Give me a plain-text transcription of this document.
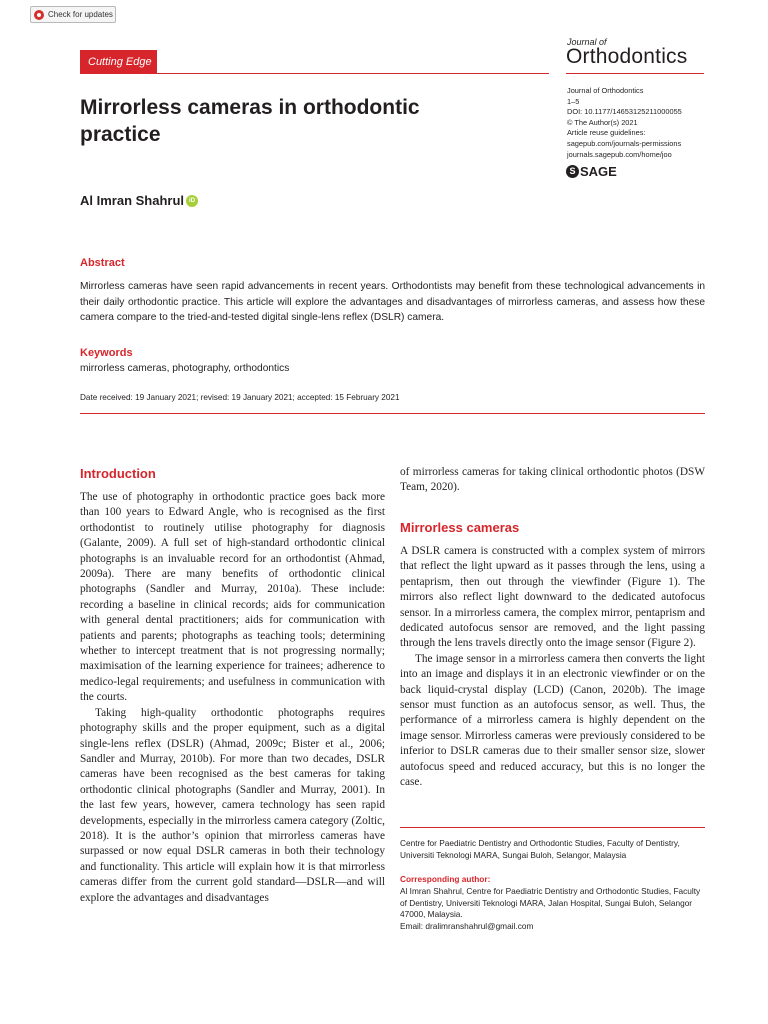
Check for updates
Cutting Edge
Journal of
Orthodontics
Journal of Orthodontics
1–5
DOI: 10.1177/14653125211000055
© The Author(s) 2021
Article reuse guidelines:
sagepub.com/journals-permissions
journals.sagepub.com/home/joo
S SAGE
Mirrorless cameras in orthodontic practice
Al Imran Shahrul iD
Abstract
Mirrorless cameras have seen rapid advancements in recent years. Orthodontists may benefit from these technological advancements in their daily orthodontic practice. This article will explore the advantages and disadvantages of mirrorless cameras, and assess how these camera compare to the tried-and-tested digital single-lens reflex (DSLR) camera.
Keywords
mirrorless cameras, photography, orthodontics
Date received: 19 January 2021; revised: 19 January 2021; accepted: 15 February 2021
Introduction

The use of photography in orthodontic practice goes back more than 100 years to Edward Angle, who is recognised as the first orthodontist to routinely utilise photography for diagnosis (Galante, 2009). A full set of high-standard orthodontic clinical photographs is an invaluable record for an orthodontist (Ahmad, 2009a). There are many benefits of orthodontic clinical photographs (Sandler and Murray, 2010a). These include: recording a baseline in clinical records; aids for communication with general dental practitioners; aids for communication with patients and parents; photographs as teaching tools; determining whether to intercept treatment that is not progressing normally; maximisation of the learning experience for trainees; adherence to medico-legal requirements; and usefulness in communication with the courts.

Taking high-quality orthodontic photographs requires photography skills and the proper equipment, such as a digital single-lens reflex (DSLR) (Ahmad, 2009c; Bister et al., 2006; Sandler and Murray, 2010b). For more than two decades, DSLR cameras have been recognised as the best cameras for taking orthodontic clinical photographs (Sandler and Murray, 2001). In the last few years, however, camera technology has seen rapid developments, especially in the mirrorless camera category (Zoltic, 2018). It is the author’s opinion that mirrorless cameras have surpassed or now equal DSLR cameras in both their technology and functionality. This article will explain how it is that mirrorless cameras differ from the current gold standard—DSLR—and will explore the advantages and disadvantages

of mirrorless cameras for taking clinical orthodontic photos (DSW Team, 2020).

Mirrorless cameras

A DSLR camera is constructed with a complex system of mirrors that reflect the light upward as it passes through the lens, using a pentaprism, then out through the viewfinder (Figure 1). The mirrors also reflect light downward to the dedicated autofocus sensor. In a mirrorless camera, the complex mirror, pentaprism and dedicated autofocus sensor are removed, and the light passing through the lens travels directly onto the image sensor (Figure 2).

The image sensor in a mirrorless camera then converts the light into an image and displays it in an electronic viewfinder or on the back liquid-crystal display (LCD) (Canon, 2020b). The image sensor must function as an autofocus sensor, as well. Thus, the performance of a mirrorless camera is highly dependent on the image sensor. Mirrorless cameras were previously considered to be inferior to DSLR cameras due to their smaller sensor size, slower autofocus speed and reduced accuracy, but this is no longer the case.

Centre for Paediatric Dentistry and Orthodontic Studies, Faculty of Dentistry, Universiti Teknologi MARA, Sungai Buloh, Selangor, Malaysia
Corresponding author:
Al Imran Shahrul, Centre for Paediatric Dentistry and Orthodontic Studies, Faculty of Dentistry, Universiti Teknologi MARA, Jalan Hospital, Sungai Buloh, Selangor 47000, Malaysia.
Email: dralimranshahrul@gmail.com
